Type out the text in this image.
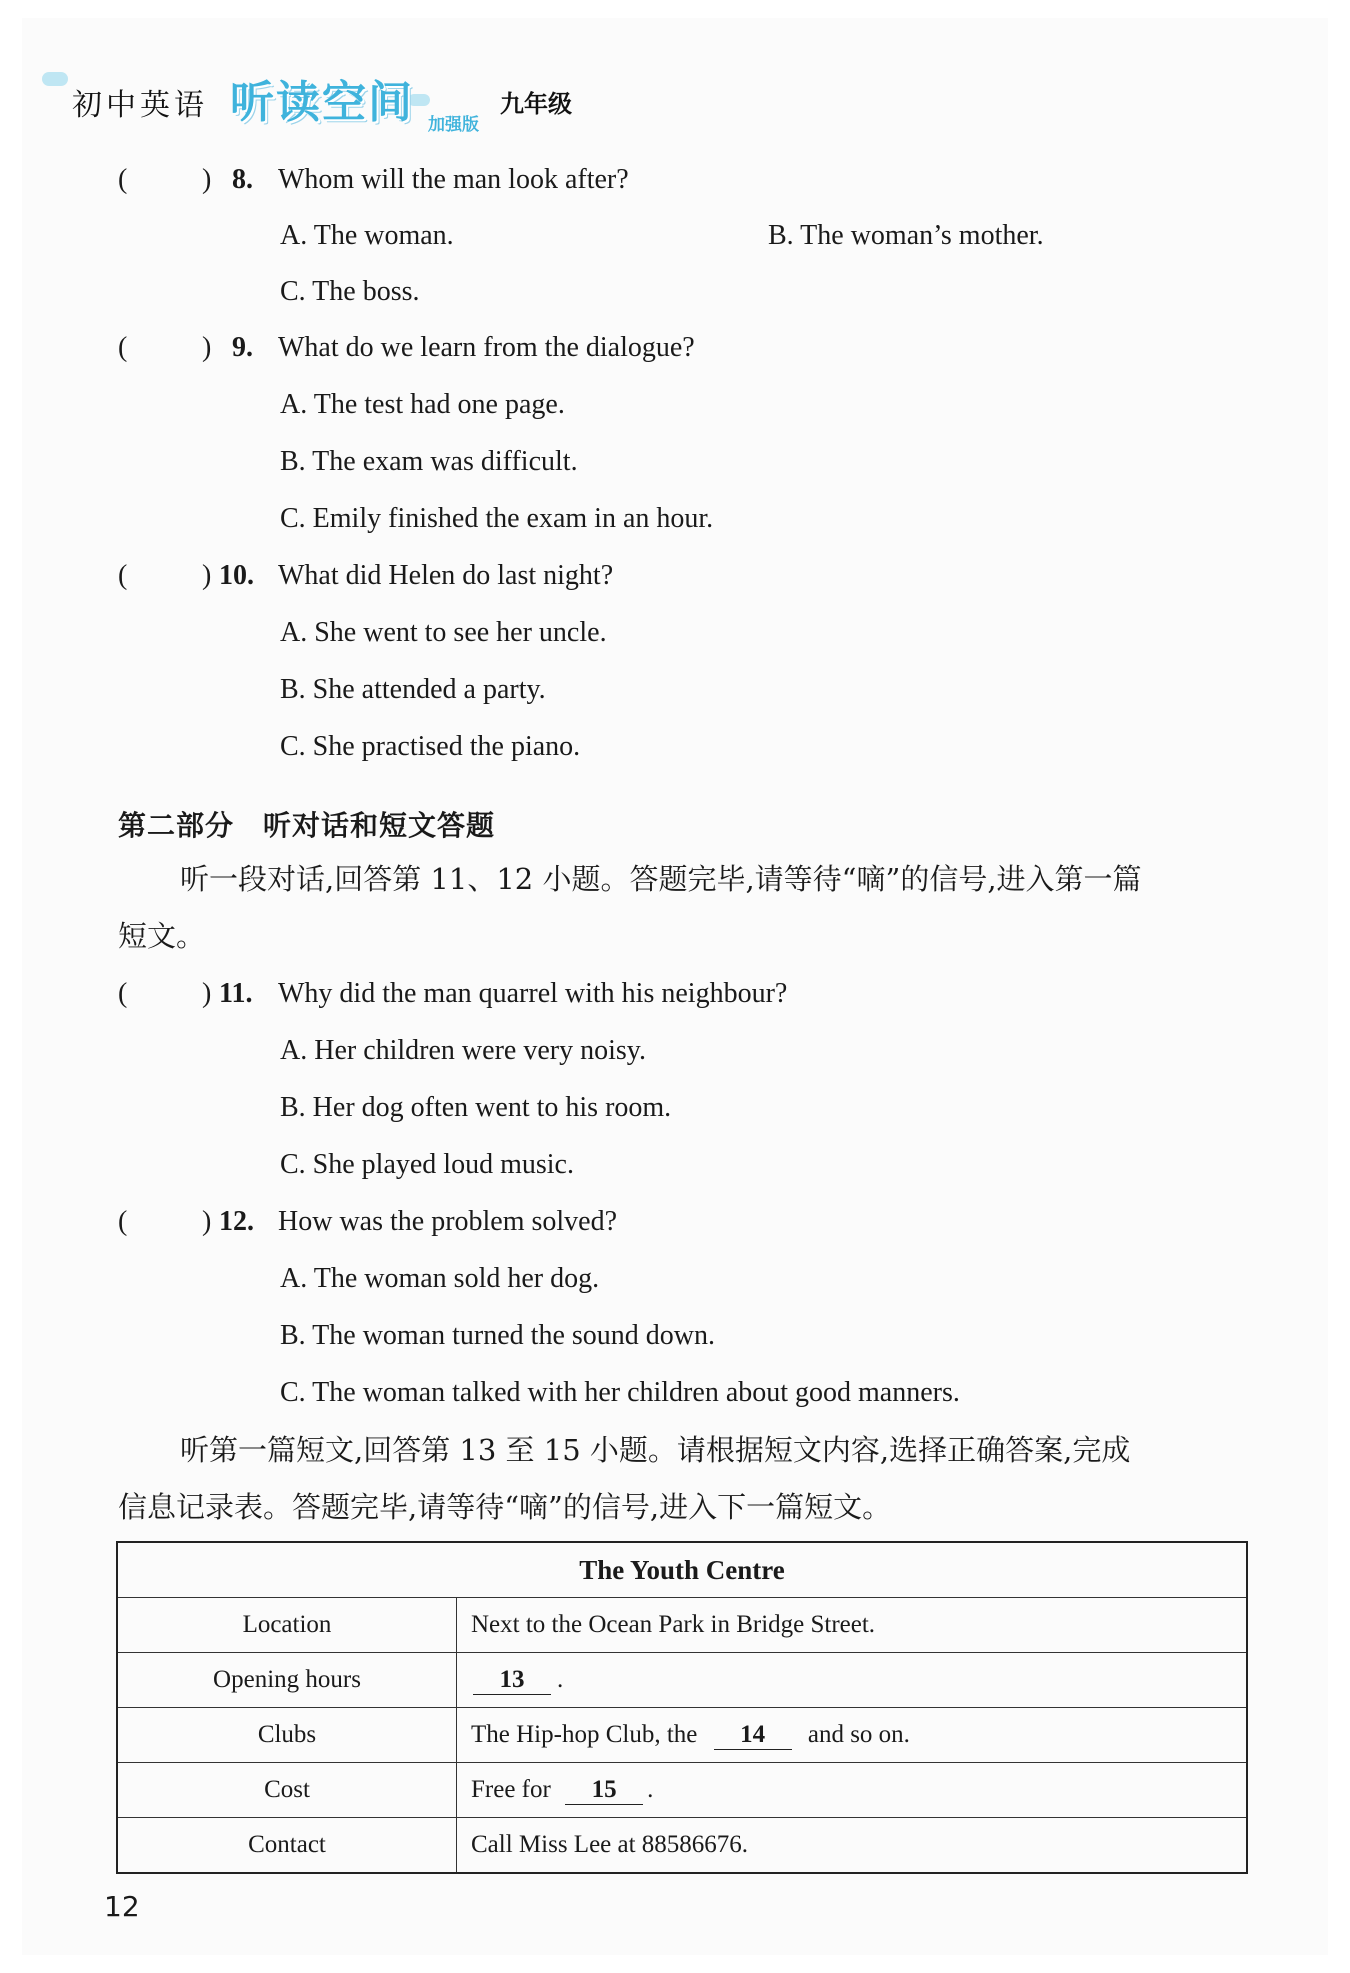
初中英语 听读空间 加强版
九年级
(	) 8. Whom will the man look after?
A. The woman.	B. The woman’s mother.
C. The boss.
(	) 9. What do we learn from the dialogue?
A. The test had one page.
B. The exam was difficult.
C. Emily finished the exam in an hour.
(	) 10. What did Helen do last night?
A. She went to see her uncle.
B. She attended a party.
C. She practised the piano.
第二部分　听对话和短文答题
听一段对话,回答第 11、12 小题。答题完毕,请等待“嘀”的信号,进入第一篇
短文。
(	) 11. Why did the man quarrel with his neighbour?
A. Her children were very noisy.
B. Her dog often went to his room.
C. She played loud music.
(	) 12. How was the problem solved?
A. The woman sold her dog.
B. The woman turned the sound down.
C. The woman talked with her children about good manners.
听第一篇短文,回答第 13 至 15 小题。请根据短文内容,选择正确答案,完成
信息记录表。答题完毕,请等待“嘀”的信号,进入下一篇短文。
The Youth Centre	
Location	Next to the Ocean Park in Bridge Street.
Opening hours	13 .
Clubs	The Hip-hop Club, the 14 and so on.
Cost	Free for 15 .
Contact	Call Miss Lee at 88586676.
12
